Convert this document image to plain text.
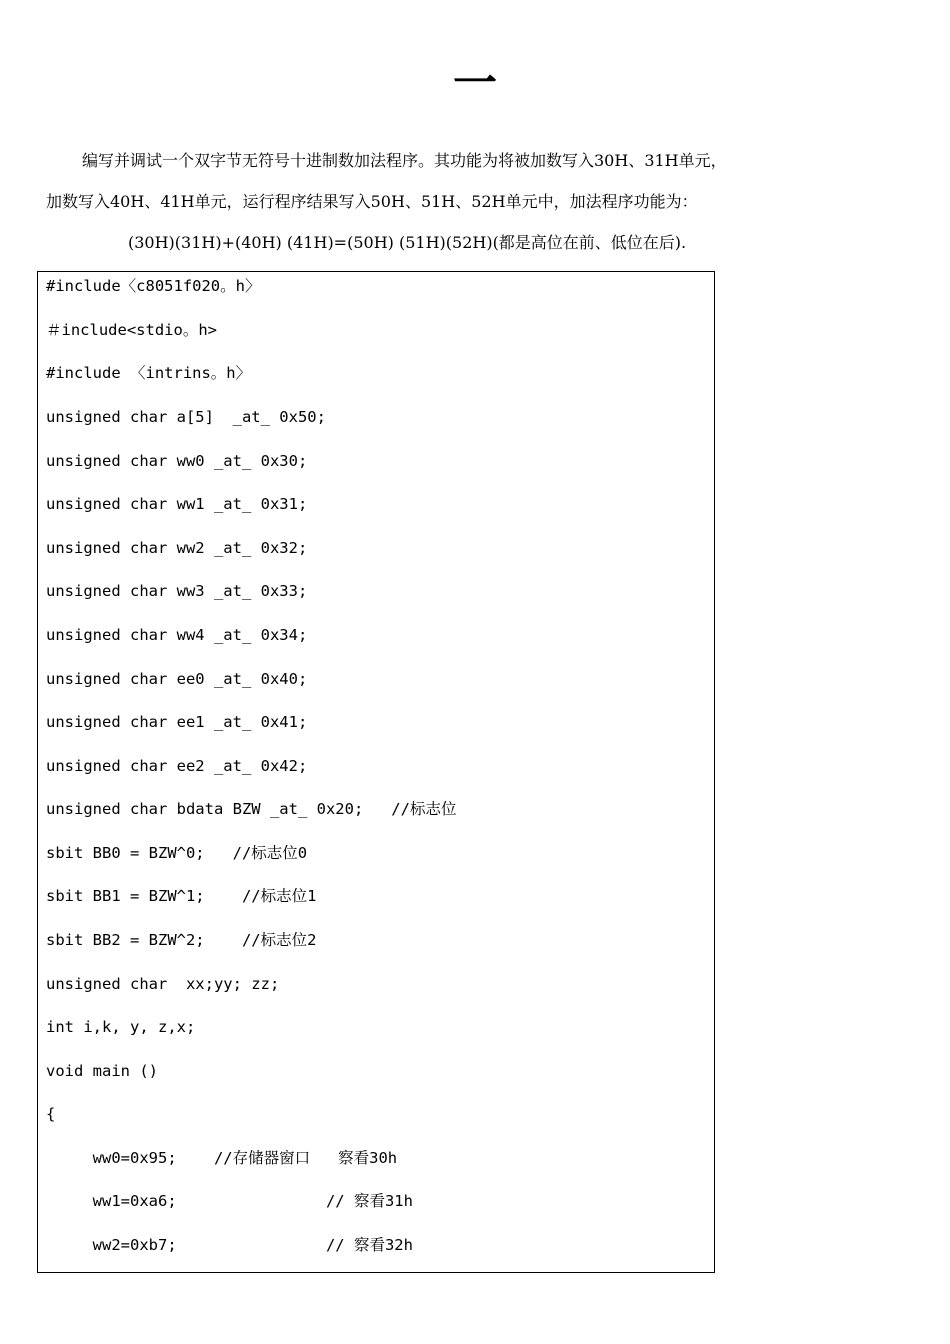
一
编写并调试一个双字节无符号十进制数加法程序。其功能为将被加数写入30H、31H单元，
加数写入40H、41H单元，运行程序结果写入50H、51H、52H单元中，加法程序功能为：
(30H)(31H)+(40H) (41H)=(50H) (51H)(52H)(都是高位在前、低位在后).
#include〈c8051f020。h〉
＃include<stdio。h>
#include 〈intrins。h〉
unsigned char a[5]  _at_ 0x50;
unsigned char ww0 _at_ 0x30;
unsigned char ww1 _at_ 0x31;
unsigned char ww2 _at_ 0x32;
unsigned char ww3 _at_ 0x33;
unsigned char ww4 _at_ 0x34;
unsigned char ee0 _at_ 0x40;
unsigned char ee1 _at_ 0x41;
unsigned char ee2 _at_ 0x42;
unsigned char bdata BZW _at_ 0x20;   //标志位
sbit BB0 = BZW^0;   //标志位0
sbit BB1 = BZW^1;    //标志位1
sbit BB2 = BZW^2;    //标志位2
unsigned char  xx;yy; zz;
int i,k, y, z,x;
void main ()
{
ww0=0x95;    //存储器窗口   察看30h
ww1=0xa6;                // 察看31h
ww2=0xb7;                // 察看32h
